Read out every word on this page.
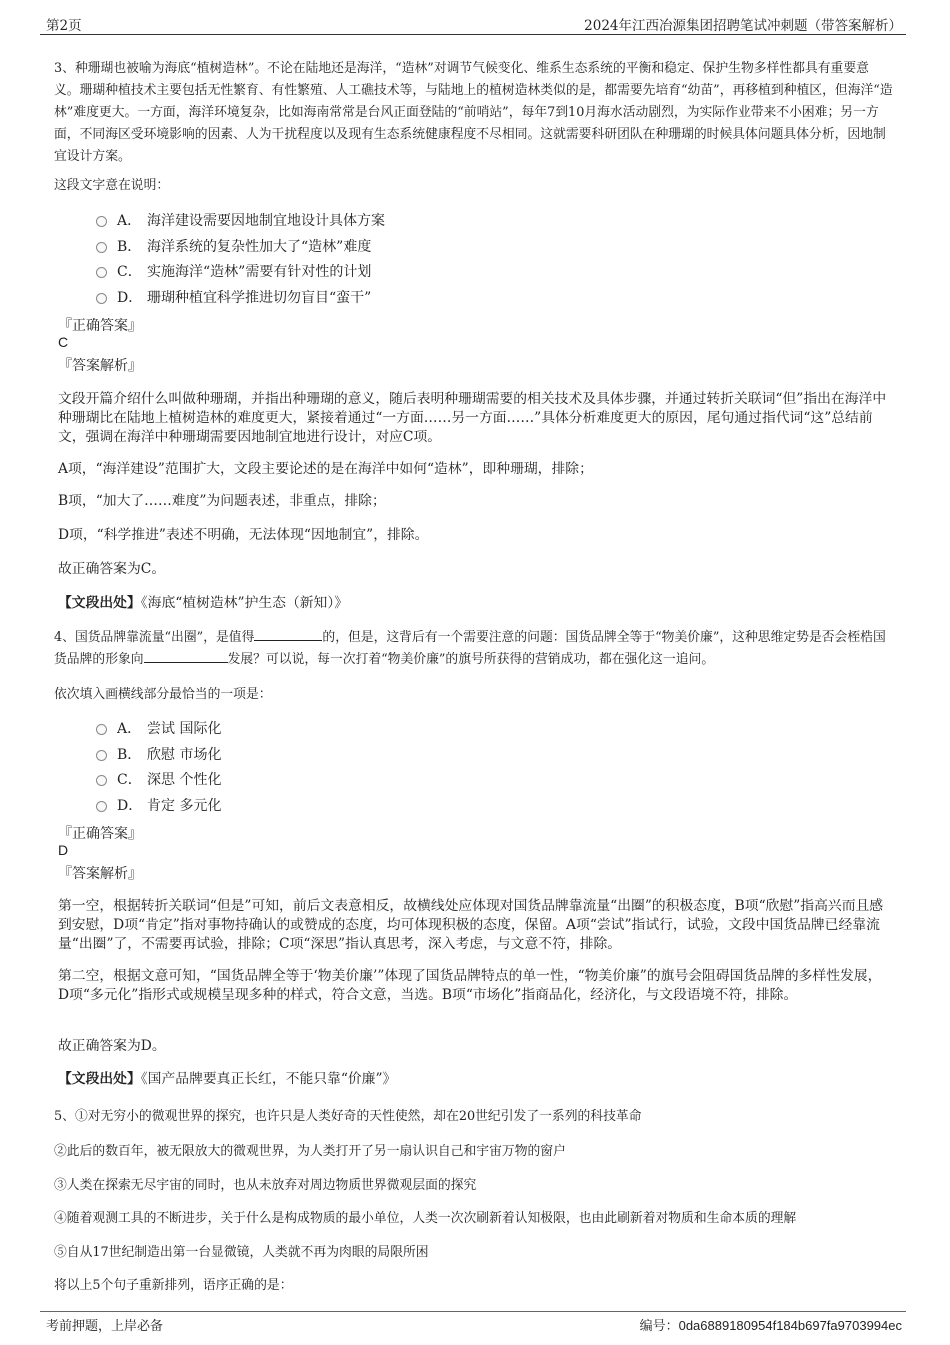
第2页	2024年江西冶源集团招聘笔试冲刺题（带答案解析）
3、种珊瑚也被喻为海底“植树造林”。不论在陆地还是海洋，“造林”对调节气候变化、维系生态系统的平衡和稳定、保护生物多样性都具有重要意义。珊瑚种植技术主要包括无性繁育、有性繁殖、人工礁技术等，与陆地上的植树造林类似的是，都需要先培育“幼苗”，再移植到种植区，但海洋“造林”难度更大。一方面，海洋环境复杂，比如海南常常是台风正面登陆的“前哨站”，每年7到10月海水活动剧烈，为实际作业带来不小困难；另一方面，不同海区受环境影响的因素、人为干扰程度以及现有生态系统健康程度不尽相同。这就需要科研团队在种珊瑚的时候具体问题具体分析，因地制宜设计方案。
这段文字意在说明：
A． 海洋建设需要因地制宜地设计具体方案
B． 海洋系统的复杂性加大了“造林”难度
C． 实施海洋“造林”需要有针对性的计划
D． 珊瑚种植宜科学推进切勿盲目“蛮干”
『正确答案』
C
『答案解析』
文段开篇介绍什么叫做种珊瑚，并指出种珊瑚的意义，随后表明种珊瑚需要的相关技术及具体步骤，并通过转折关联词“但”指出在海洋中种珊瑚比在陆地上植树造林的难度更大，紧接着通过“一方面……另一方面……”具体分析难度更大的原因，尾句通过指代词“这”总结前文，强调在海洋中种珊瑚需要因地制宜地进行设计，对应C项。
A项，“海洋建设”范围扩大，文段主要论述的是在海洋中如何“造林”，即种珊瑚，排除；
B项，“加大了……难度”为问题表述，非重点，排除；
D项，“科学推进”表述不明确，无法体现“因地制宜”，排除。
故正确答案为C。
【文段出处】《海底“植树造林”护生态（新知）》
4、国货品牌靠流量“出圈”，是值得	的，但是，这背后有一个需要注意的问题：国货品牌全等于“物美价廉”，这种思维定势是否会桎梏国货品牌的形象向	发展？可以说，每一次打着“物美价廉”的旗号所获得的营销成功，都在强化这一追问。
依次填入画横线部分最恰当的一项是：
A． 尝试 国际化
B． 欣慰 市场化
C． 深思 个性化
D． 肯定 多元化
『正确答案』
D
『答案解析』
第一空，根据转折关联词“但是”可知，前后文表意相反，故横线处应体现对国货品牌靠流量“出圈”的积极态度，B项“欣慰”指高兴而且感到安慰，D项“肯定”指对事物持确认的或赞成的态度，均可体现积极的态度，保留。A项“尝试”指试行，试验，文段中国货品牌已经靠流量“出圈”了，不需要再试验，排除；C项“深思”指认真思考，深入考虑，与文意不符，排除。
第二空，根据文意可知，“国货品牌全等于‘物美价廉’”体现了国货品牌特点的单一性，“物美价廉”的旗号会阻碍国货品牌的多样性发展，D项“多元化”指形式或规模呈现多种的样式，符合文意，当选。B项“市场化”指商品化，经济化，与文段语境不符，排除。
故正确答案为D。
【文段出处】《国产品牌要真正长红，不能只靠“价廉”》
5、①对无穷小的微观世界的探究，也许只是人类好奇的天性使然，却在20世纪引发了一系列的科技革命
②此后的数百年，被无限放大的微观世界，为人类打开了另一扇认识自己和宇宙万物的窗户
③人类在探索无尽宇宙的同时，也从未放弃对周边物质世界微观层面的探究
④随着观测工具的不断进步，关于什么是构成物质的最小单位，人类一次次刷新着认知极限，也由此刷新着对物质和生命本质的理解
⑤自从17世纪制造出第一台显微镜，人类就不再为肉眼的局限所困
将以上5个句子重新排列，语序正确的是：
考前押题，上岸必备	编号：0da6889180954f184b697fa9703994ec
